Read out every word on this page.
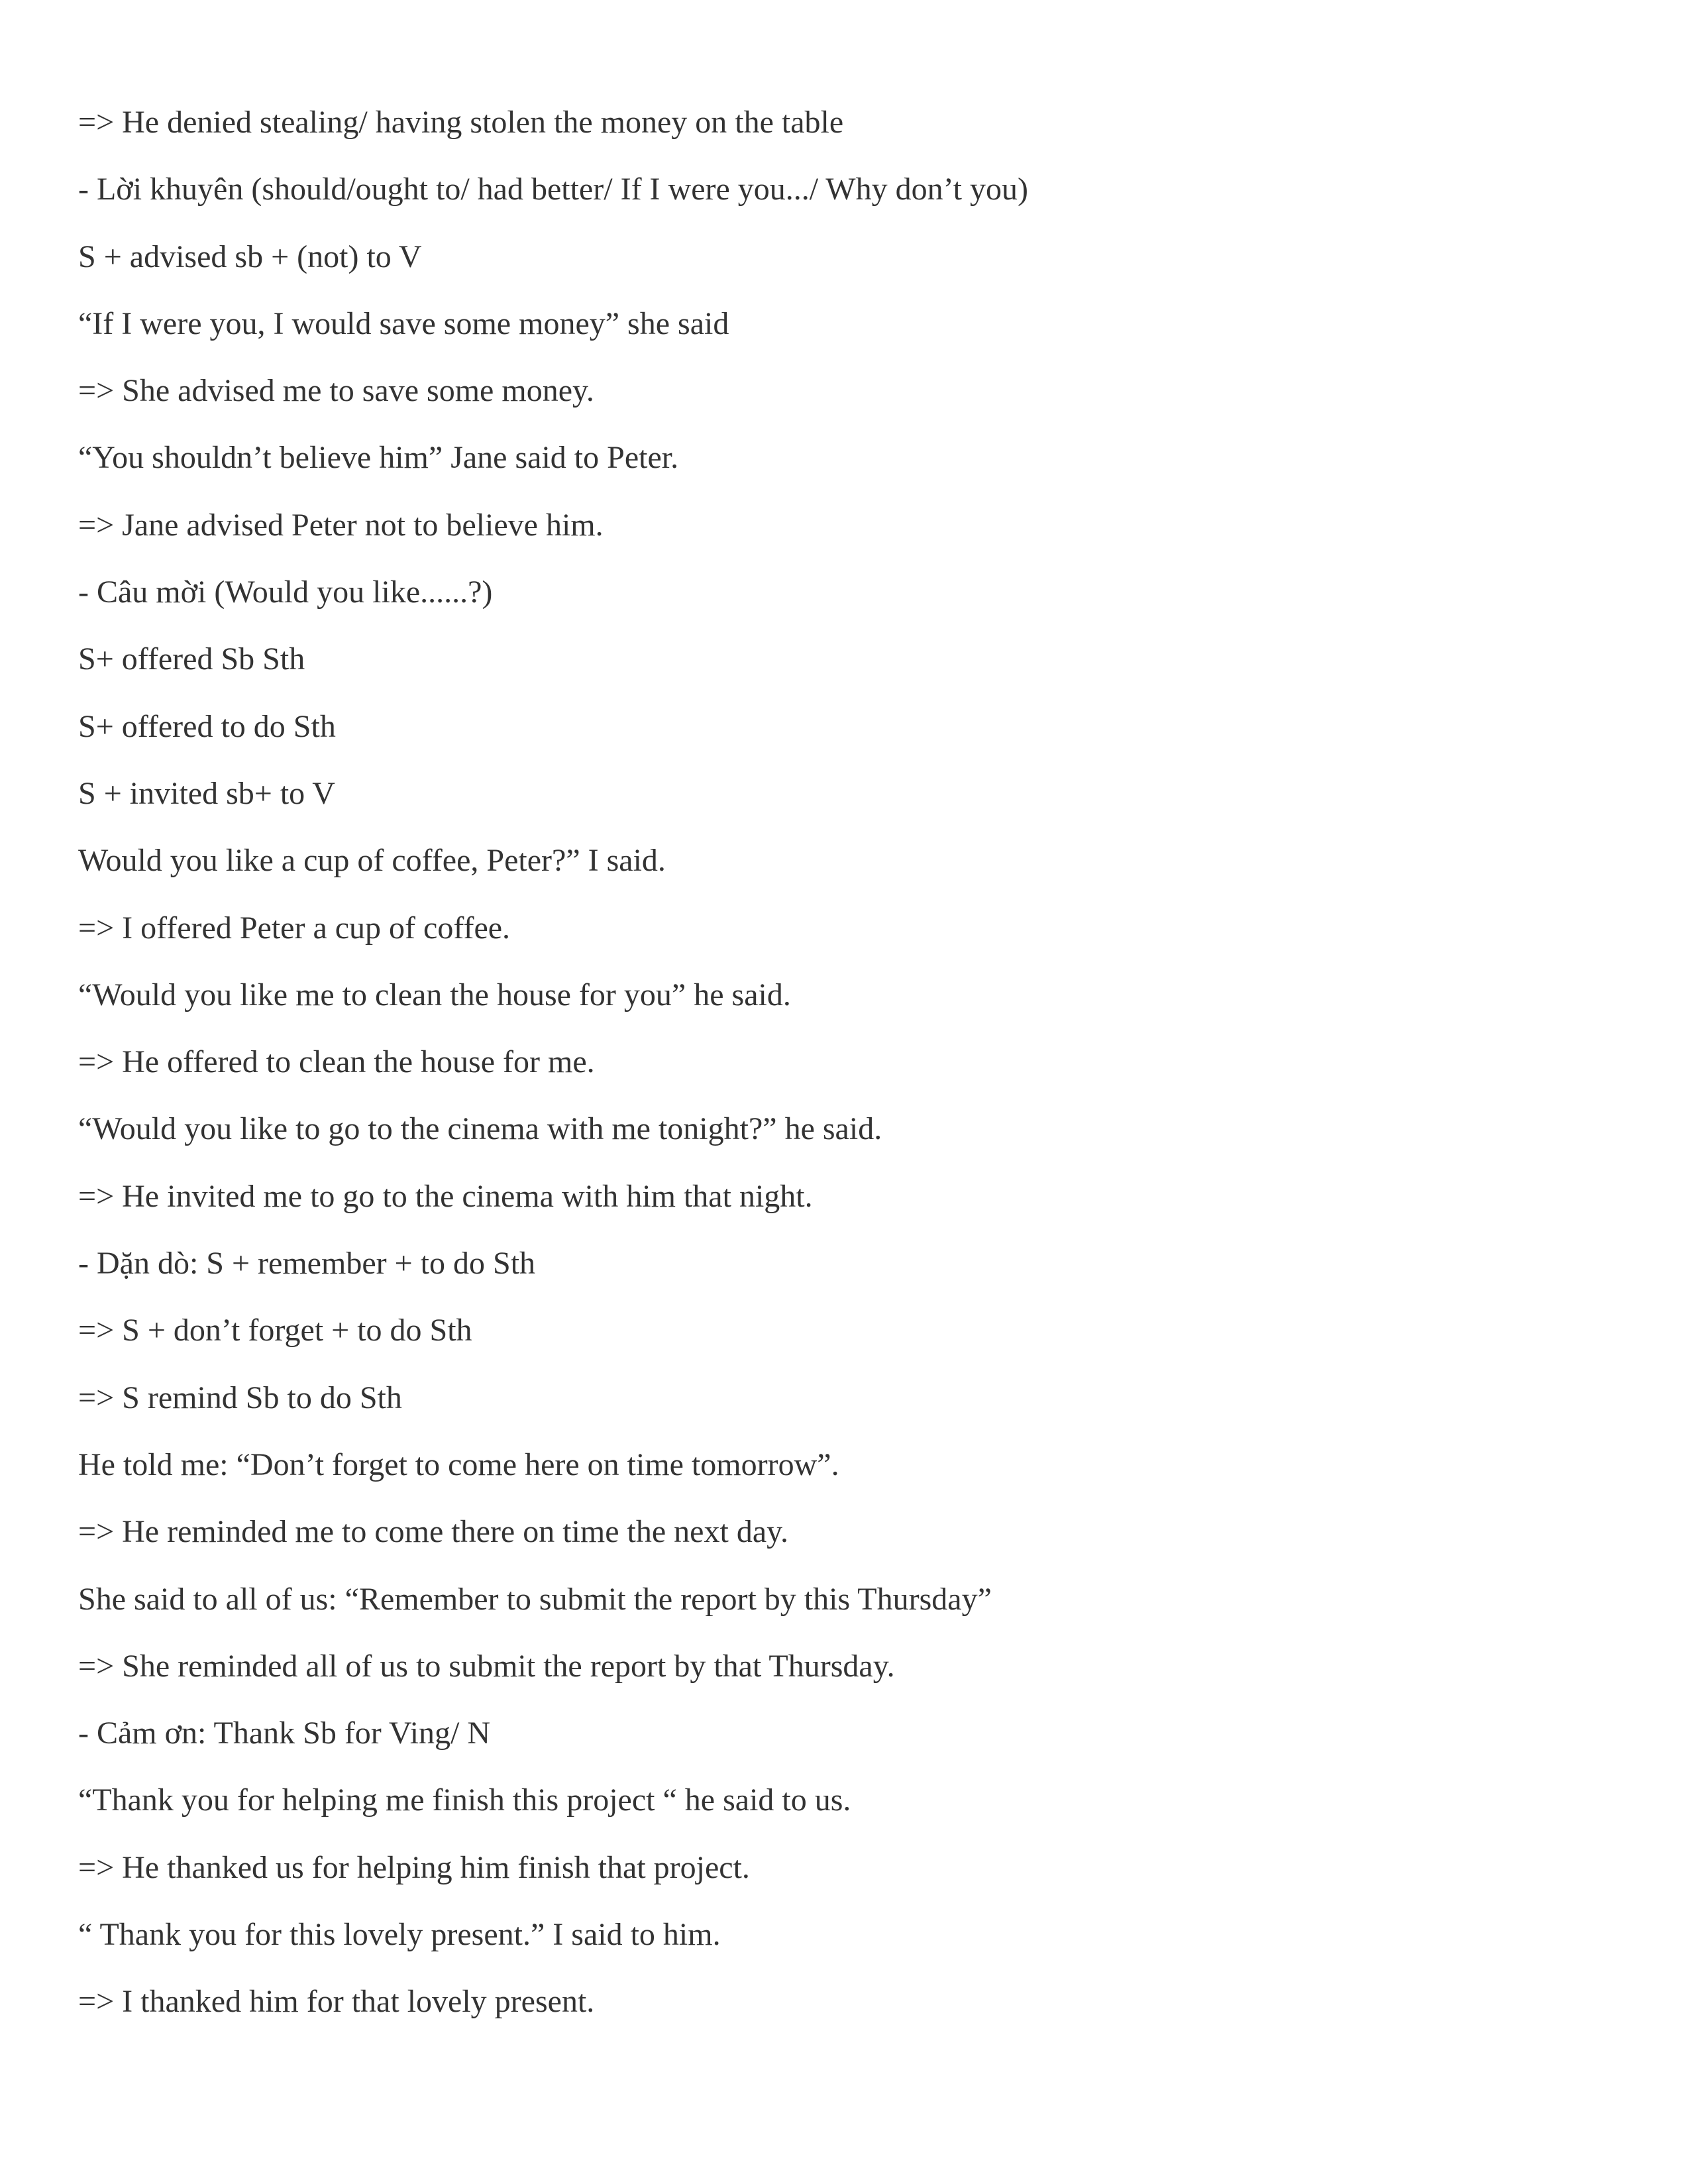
=> He denied stealing/ having stolen the money on the table
- Lời khuyên (should/ought to/ had better/ If I were you.../ Why don’t you)
S + advised sb + (not) to V
“If I were you, I would save some money” she said
=> She advised me to save some money.
“You shouldn’t believe him” Jane said to Peter.
=> Jane advised Peter not to believe him.
- Câu mời (Would you like......?)
S+ offered Sb Sth
S+ offered to do Sth
S + invited sb+ to V
Would you like a cup of coffee, Peter?” I said.
=> I offered Peter a cup of coffee.
“Would you like me to clean the house for you” he said.
=> He offered to clean the house for me.
“Would you like to go to the cinema with me tonight?” he said.
=> He invited me to go to the cinema with him that night.
- Dặn dò: S + remember + to do Sth
=> S + don’t forget + to do Sth
=> S remind Sb to do Sth
He told me: “Don’t forget to come here on time tomorrow”.
=> He reminded me to come there on time the next day.
She said to all of us: “Remember to submit the report by this Thursday”
=> She reminded all of us to submit the report by that Thursday.
- Cảm ơn: Thank Sb for Ving/ N
“Thank you for helping me finish this project “ he said to us.
=> He thanked us for helping him finish that project.
“ Thank you for this lovely present.” I said to him.
=> I thanked him for that lovely present.
